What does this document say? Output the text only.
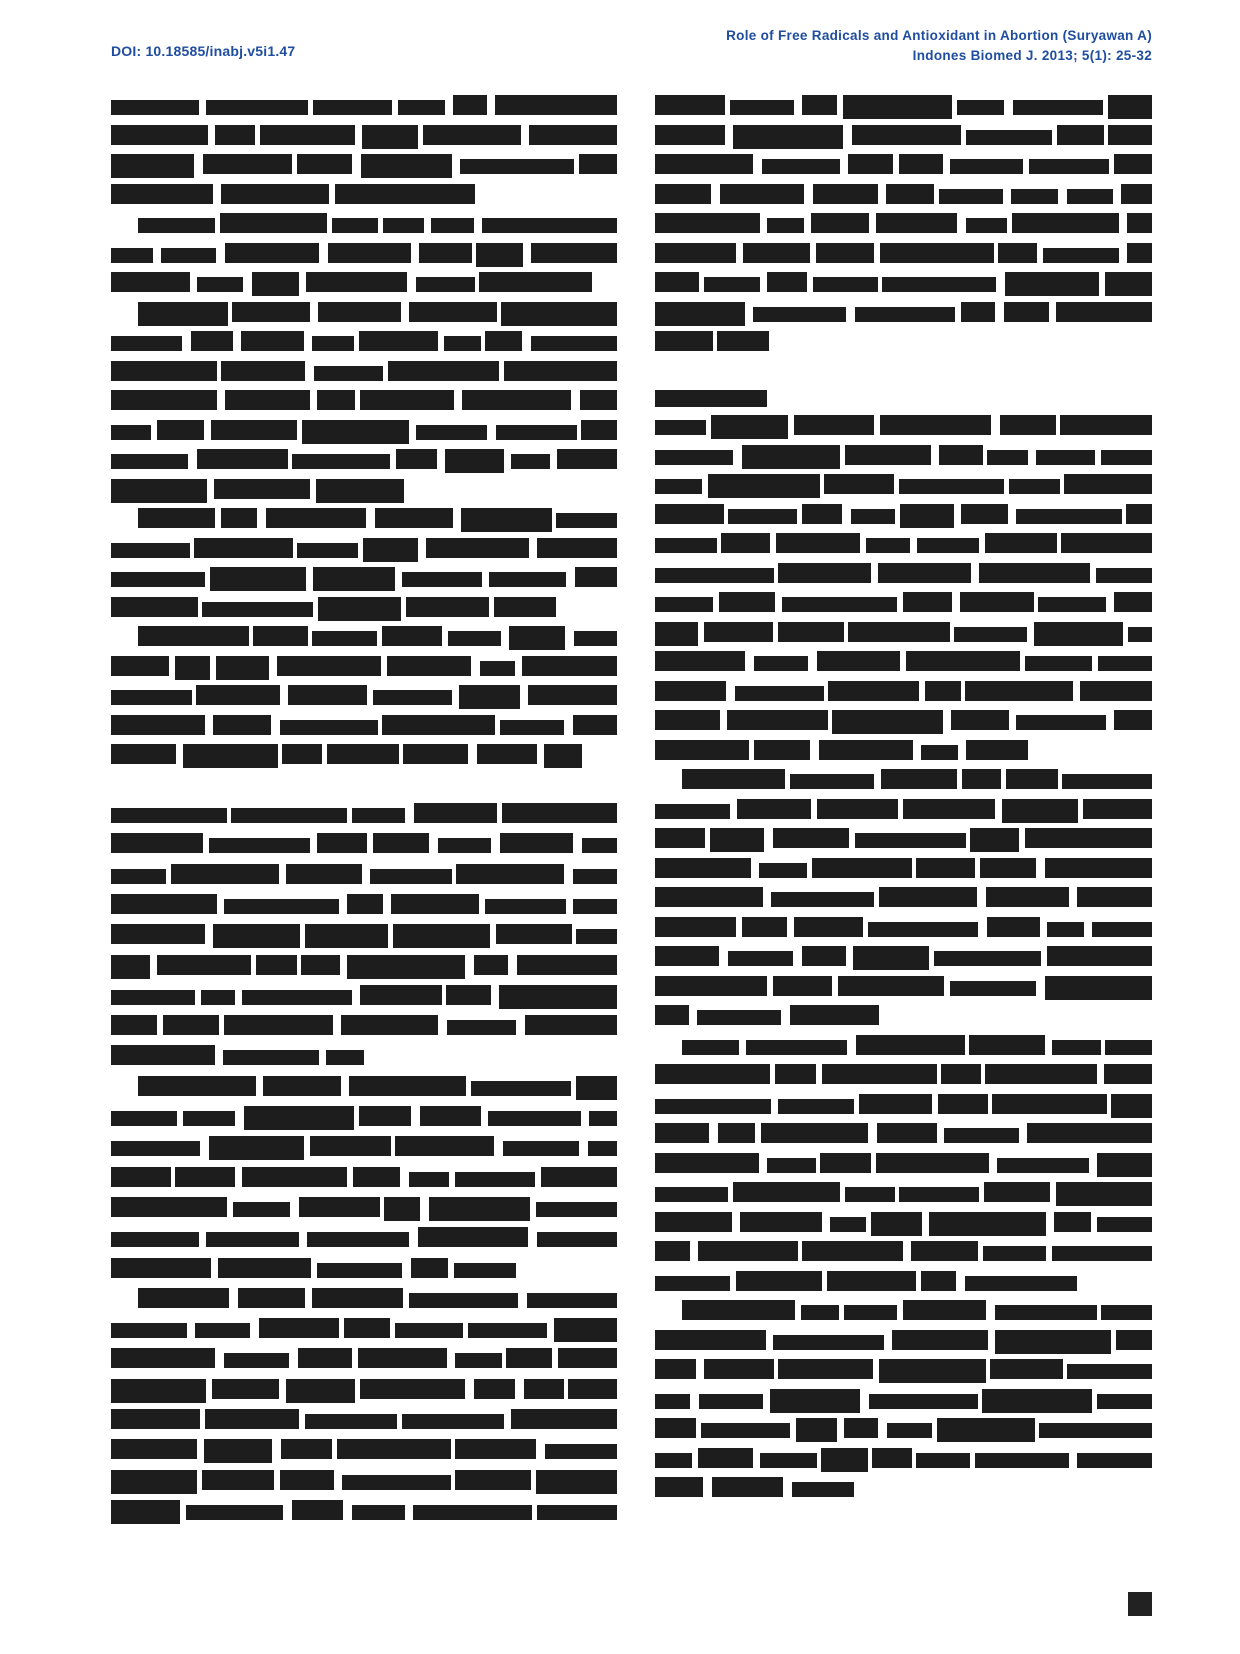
DOI: 10.18585/inabj.v5i1.47
Role of Free Radicals and Antioxidant in Abortion (Suryawan A)
Indones Biomed J. 2013; 5(1): 25-32
